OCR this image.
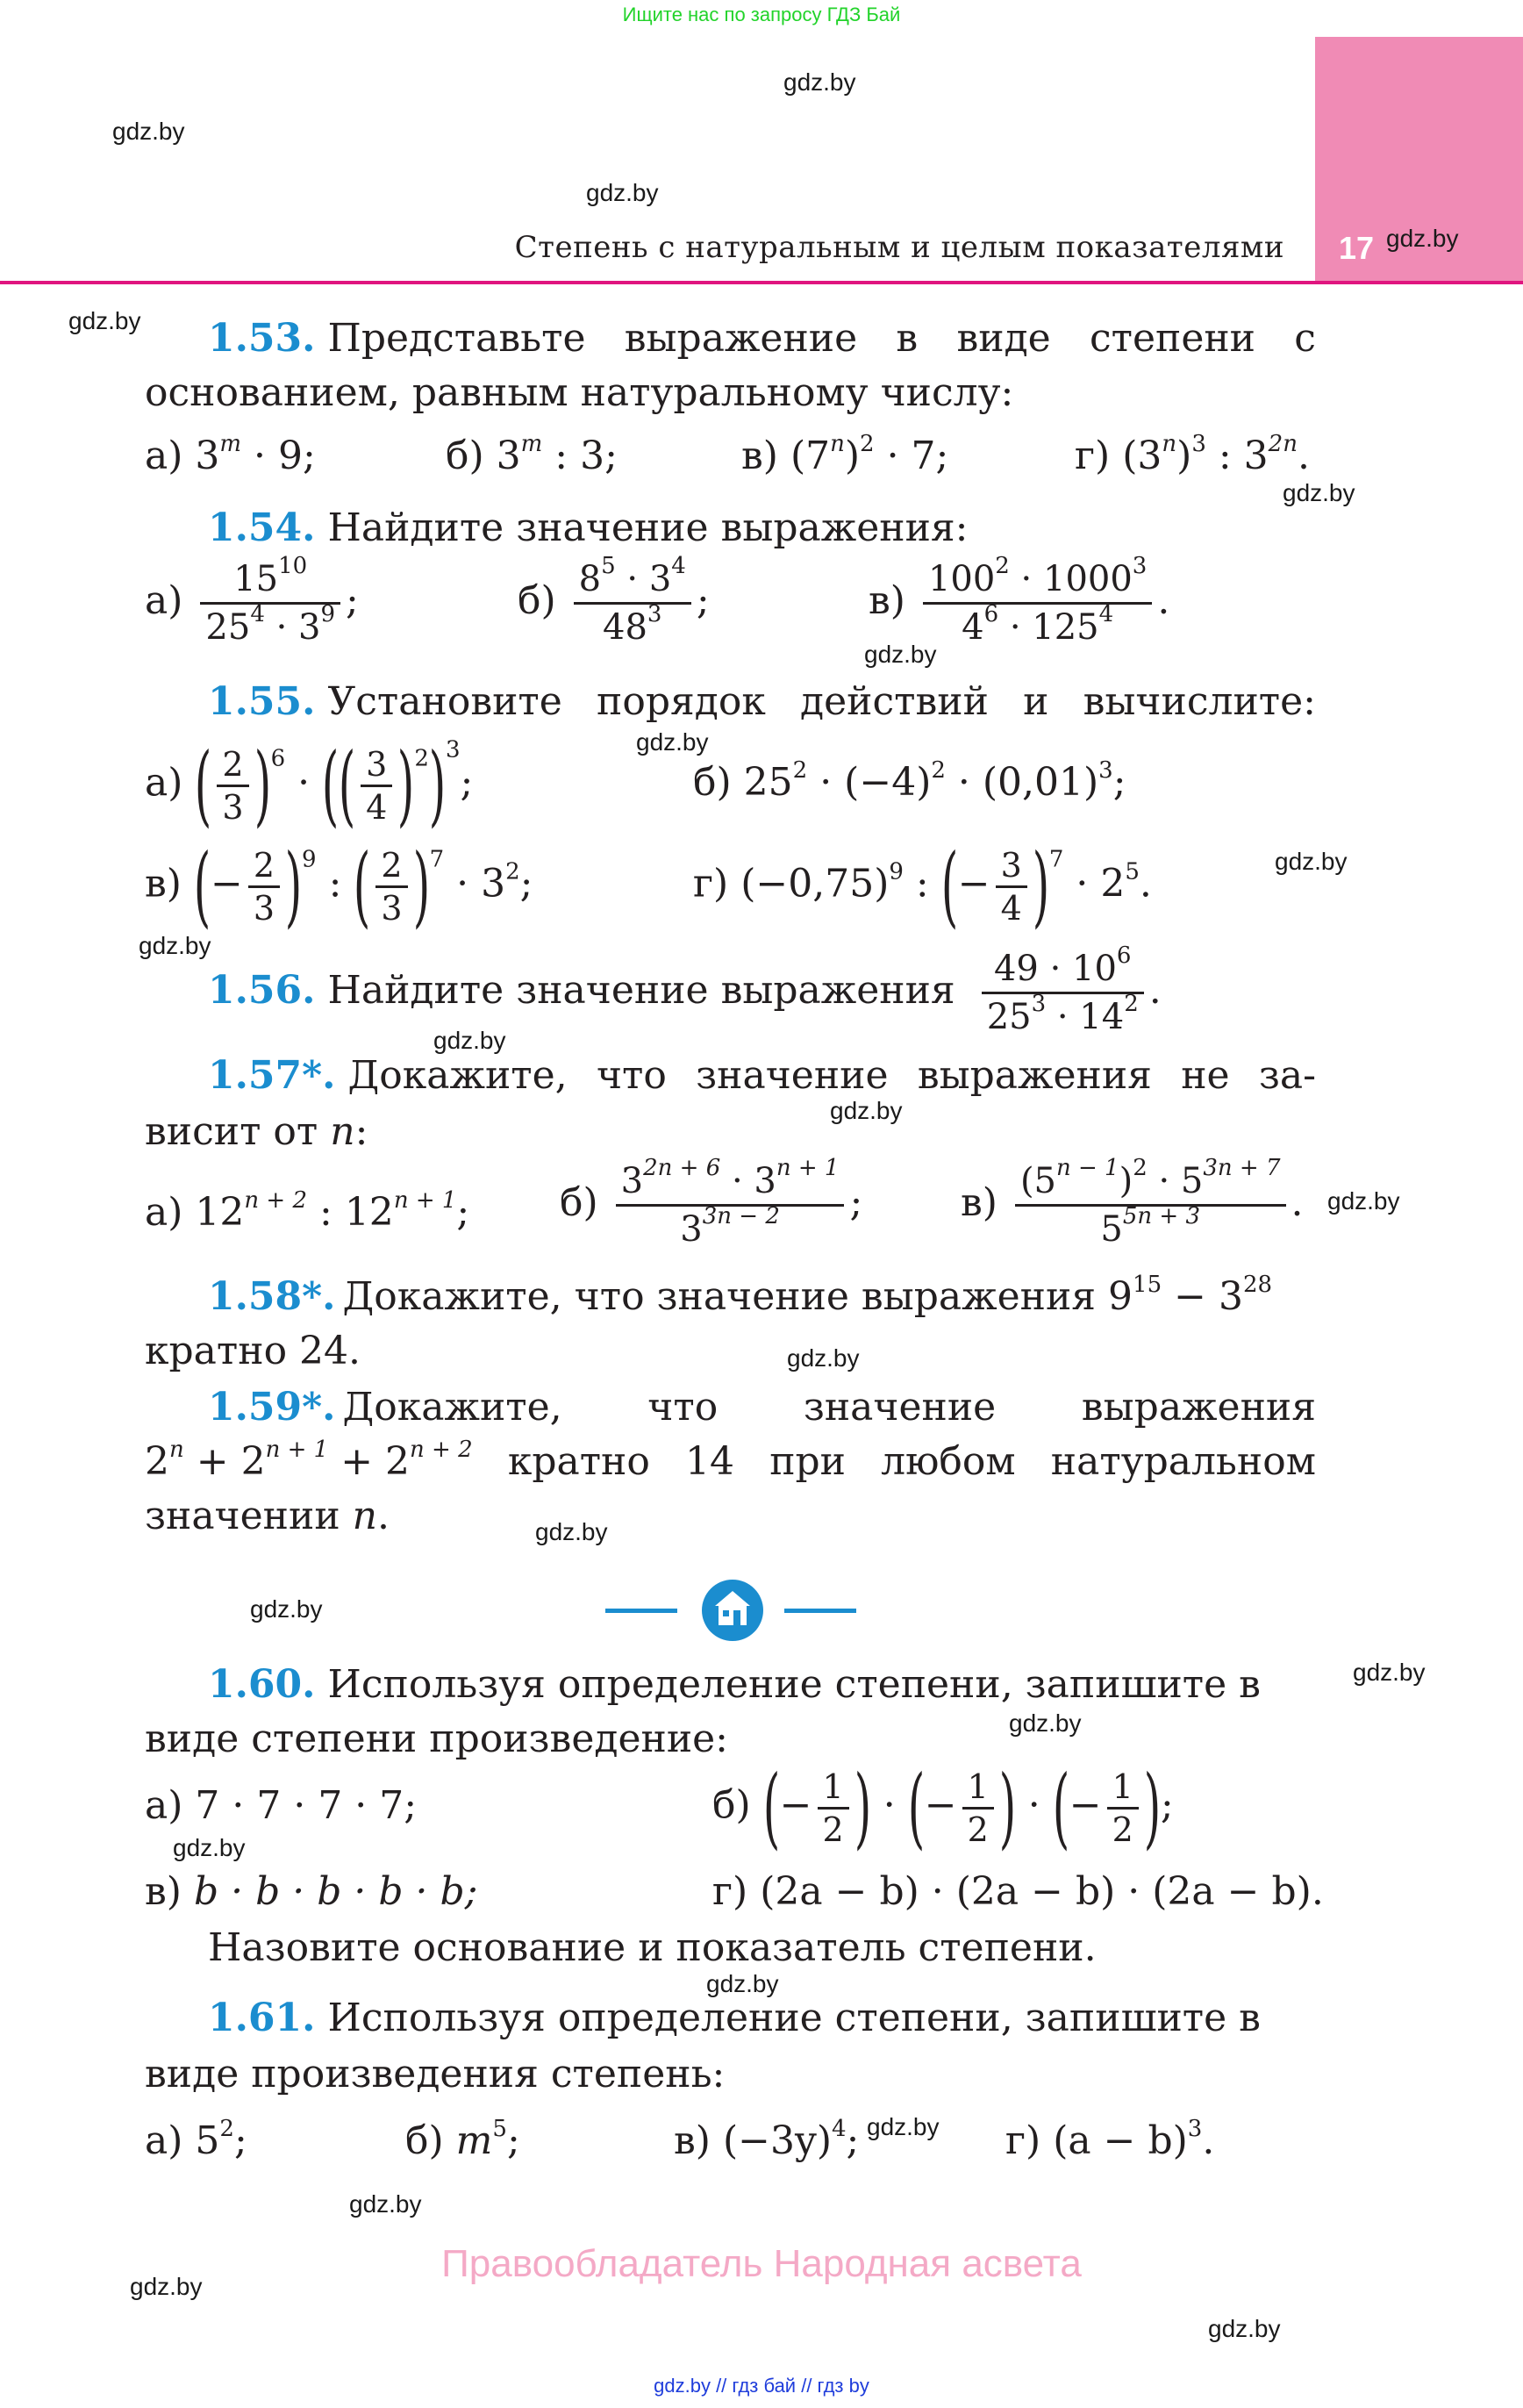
Ищите нас по запросу ГДЗ Бай
17
Степень с натуральным и целым показателями
gdz.by
gdz.by
gdz.by
gdz.by
gdz.by
gdz.by
gdz.by
gdz.by
gdz.by
gdz.by
gdz.by
gdz.by
gdz.by
gdz.by
gdz.by
gdz.by
gdz.by
gdz.by
gdz.by
gdz.by
gdz.by
gdz.by
gdz.by
gdz.by
1.53. Представьте выражение в виде степени с
основанием, равным натуральному числу:
а) $3^m \cdot 9$;	б) 3$^m$ : 3;	в) $(7^n)^2 \cdot 7$;	г) $(3^n)^3$ : $3^{2n}$.
1.54. Найдите значение выражения:
$а) \frac{15^{10}}{25^4 \cdot 3^9}$ ;	$б) \frac{8^5 \cdot 3^4}{48^3}$ ;	$в) \frac{100^2 \cdot 1000^3}{4^6 \cdot 125^4}$ .
1.55. Установите порядок действий и вычислите:
а) ( $\frac{2}{3} )^6$ · (( $\frac{3}{4} )^2)^3$;	б) $25^2 \cdot (-4)^2 \cdot (0,01)^3$;
в) (− $\frac{2}{3} )^9$ : ( $\frac{2}{3} )^7 \cdot 3^2$;	г) $(-0,75)^9$ : (− $\frac{3}{4} )^7 \cdot 2^5$.
1.56. Найдите значение выражения $\frac{49 \cdot 10^6}{25^3 \cdot 14^2}$ .
1.57*. Докажите, что значение выражения не за-
висит от n:
а) $12^{n + 2}$ : $12^{n + 1}$; $б) \frac{3^{2n + 6} \cdot 3^{n + 1}}{3^{3n - 2}}$ ;	$в) \frac{(5^{n - 1})^2 \cdot 5^{3n + 7}}{5^{5n + 3}}$ .
1.58*. Докажите, что значение выражения $9^{15} - 3^{28}$
кратно 24.
1.59*. Докажите, что значение выражения
$2^n + 2^{n + 1} + 2^{n + 2}$ кратно 14 при любом натуральном
значении n.
1.60. Используя определение степени, запишите в
виде степени произведение:
а) 7 · 7 · 7 · 7;	б) (− $\frac{1}{2}$ ) · (− $\frac{1}{2}$ ) · (− $\frac{1}{2}$ );
в) b · b · b · b · b;	г) (2a − b) · (2a − b) · (2a − b).
Назовите основание и показатель степени.
1.61. Используя определение степени, запишите в
виде произведения степень:
а) $5^2$;	б) $m^5$;	в) $(-3y)^4$;	г) $(a - b)^3$.
Правообладатель Народная асвета
gdz.by // гдз бай // гдз by
